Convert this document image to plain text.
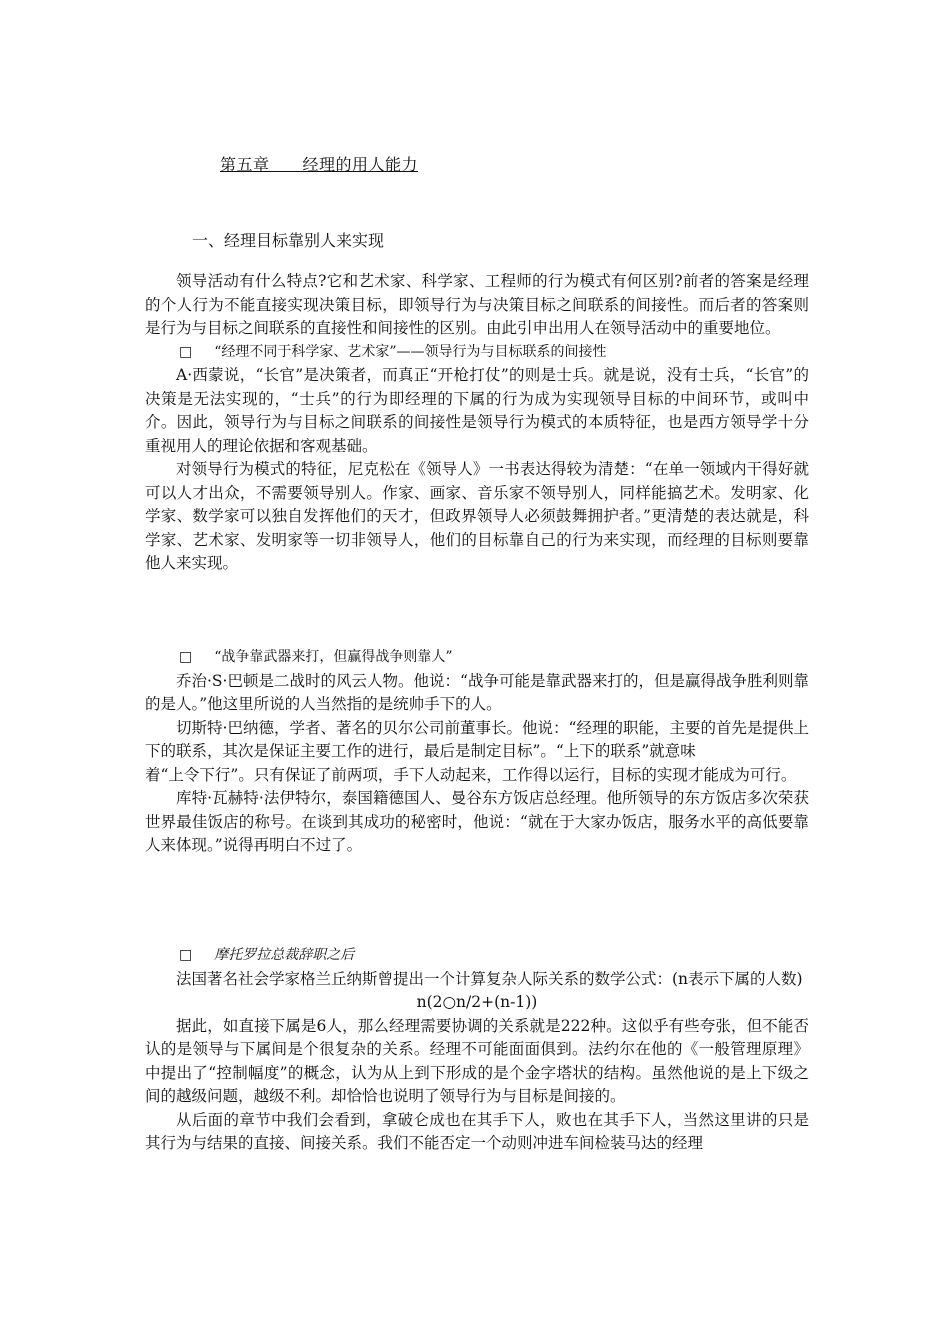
第五章　　经理的用人能力
一、经理目标靠别人来实现

领导活动有什么特点?它和艺术家、科学家、工程师的行为模式有何区别?前者的答案是经理的个人行为不能直接实现决策目标，即领导行为与决策目标之间联系的间接性。而后者的答案则是行为与目标之间联系的直接性和间接性的区别。由此引申出用人在领导活动中的重要地位。

□ “经理不同于科学家、艺术家”——领导行为与目标联系的间接性

A·西蒙说，“长官”是决策者，而真正“开枪打仗”的则是士兵。就是说，没有士兵，“长官”的决策是无法实现的，“士兵”的行为即经理的下属的行为成为实现领导目标的中间环节，或叫中介。因此，领导行为与目标之间联系的间接性是领导行为模式的本质特征，也是西方领导学十分重视用人的理论依据和客观基础。

对领导行为模式的特征，尼克松在《领导人》一书表达得较为清楚：“在单一领域内干得好就可以人才出众，不需要领导别人。作家、画家、音乐家不领导别人，同样能搞艺术。发明家、化学家、数学家可以独自发挥他们的天才，但政界领导人必须鼓舞拥护者。”更清楚的表达就是，科学家、艺术家、发明家等一切非领导人，他们的目标靠自己的行为来实现，而经理的目标则要靠他人来实现。

□ “战争靠武器来打，但赢得战争则靠人”

乔治·S·巴顿是二战时的风云人物。他说：“战争可能是靠武器来打的，但是赢得战争胜利则靠的是人。”他这里所说的人当然指的是统帅手下的人。

切斯特·巴纳德，学者、著名的贝尔公司前董事长。他说：“经理的职能，主要的首先是提供上下的联系，其次是保证主要工作的进行，最后是制定目标”。“上下的联系”就意味

着“上令下行”。只有保证了前两项，手下人动起来，工作得以运行，目标的实现才能成为可行。

库特·瓦赫特·法伊特尔，泰国籍德国人、曼谷东方饭店总经理。他所领导的东方饭店多次荣获世界最佳饭店的称号。在谈到其成功的秘密时，他说：“就在于大家办饭店，服务水平的高低要靠人来体现。”说得再明白不过了。

□ 摩托罗拉总裁辞职之后

法国著名社会学家格兰丘纳斯曾提出一个计算复杂人际关系的数学公式：(n表示下属的人数)

n(2○n/2+(n-1))

据此，如直接下属是6人，那么经理需要协调的关系就是222种。这似乎有些夸张，但不能否认的是领导与下属间是个很复杂的关系。经理不可能面面俱到。法约尔在他的《一般管理原理》中提出了“控制幅度”的概念，认为从上到下形成的是个金字塔状的结构。虽然他说的是上下级之间的越级问题，越级不利。却恰恰也说明了领导行为与目标是间接的。

从后面的章节中我们会看到，拿破仑成也在其手下人，败也在其手下人，当然这里讲的只是其行为与结果的直接、间接关系。我们不能否定一个动则冲进车间检装马达的经理
